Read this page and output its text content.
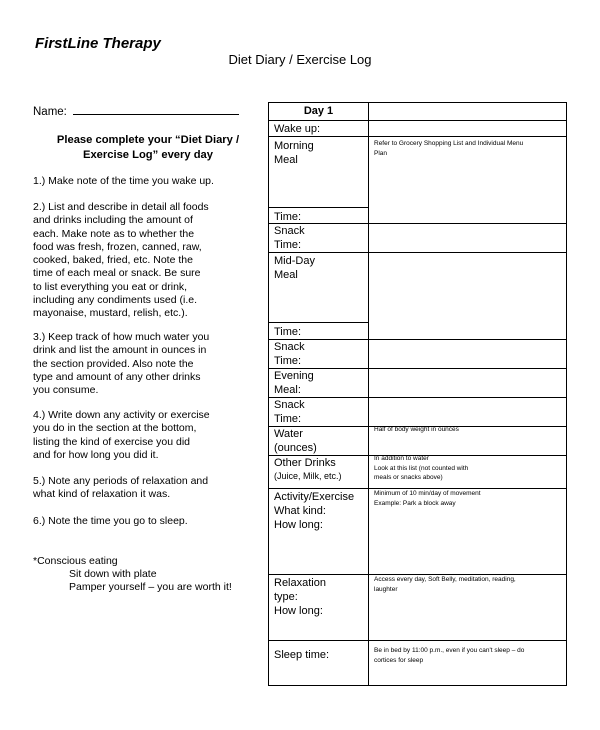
FirstLine Therapy
Diet Diary / Exercise Log
Name:
Please complete your “Diet Diary /
Exercise Log” every day
1.) Make note of the time you wake up.
2.) List and describe in detail all foods
and drinks including the amount of
each. Make note as to whether the
food was fresh, frozen, canned, raw,
cooked, baked, fried, etc. Note the
time of each meal or snack. Be sure
to list everything you eat or drink,
including any condiments used (i.e.
mayonaise, mustard, relish, etc.).
3.) Keep track of how much water you
drink and list the amount in ounces in
the section provided. Also note the
type and amount of any other drinks
you consume.
4.) Write down any activity or exercise
you do in the section at the bottom,
listing the kind of exercise you did
and for how long you did it.
5.) Note any periods of relaxation and
what kind of relaxation it was.
6.) Note the time you go to sleep.
*Conscious eating
Sit down with plate
Pamper yourself – you are worth it!
Day 1
Wake up:
Morning
Meal
Time:
Snack
Time:
Mid-Day
Meal
Time:
Snack
Time:
Evening
Meal:
Snack
Time:
Water
(ounces)
Other Drinks
(Juice, Milk, etc.)
Activity/Exercise
What kind:
How long:
Relaxation
type:
How long:
Sleep time:
Refer to Grocery Shopping List and Individual Menu
Plan
Half of body weight in ounces
In addition to water
Look at this list (not counted with
meals or snacks above)
Minimum of 10 min/day of movement
Example: Park a block away
Access every day, Soft Belly, meditation, reading,
laughter
Be in bed by 11:00 p.m., even if you can't sleep – do
cortices for sleep
